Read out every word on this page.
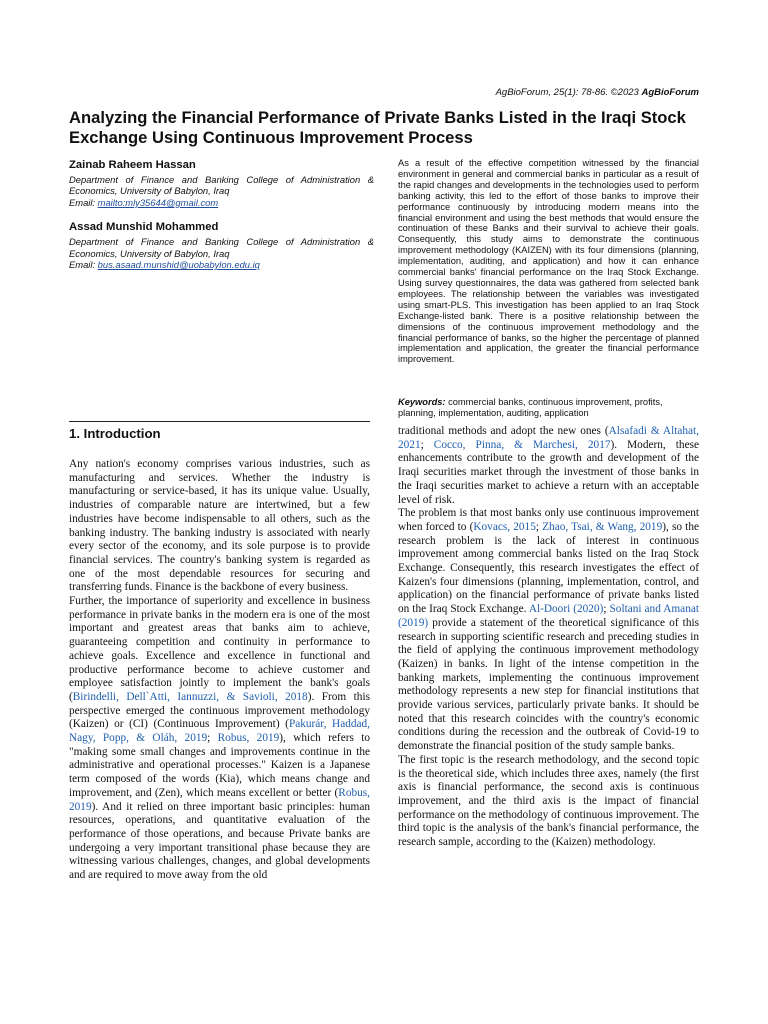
AgBioForum, 25(1): 78-86. ©2023 AgBioForum
Analyzing the Financial Performance of Private Banks Listed in the Iraqi Stock Exchange Using Continuous Improvement Process
Zainab Raheem Hassan
Department of Finance and Banking College of Administration & Economics, University of Babylon, Iraq
Email: mailto:mly35644@gmail.com
Assad Munshid Mohammed
Department of Finance and Banking College of Administration & Economics, University of Babylon, Iraq
Email: bus.asaad.munshid@uobabylon.edu.iq
As a result of the effective competition witnessed by the financial environment in general and commercial banks in particular as a result of the rapid changes and developments in the technologies used to perform banking activity, this led to the effort of those banks to improve their performance continuously by introducing modern means into the financial environment and using the best methods that would ensure the continuation of these Banks and their survival to achieve their goals. Consequently, this study aims to demonstrate the continuous improvement methodology (KAIZEN) with its four dimensions (planning, implementation, auditing, and application) and how it can enhance commercial banks' financial performance on the Iraq Stock Exchange. Using survey questionnaires, the data was gathered from selected bank employees. The relationship between the variables was investigated using smart-PLS. This investigation has been applied to an Iraq Stock Exchange-listed bank. There is a positive relationship between the dimensions of the continuous improvement methodology and the financial performance of banks, so the higher the percentage of planned implementation and application, the greater the financial performance improvement.
Keywords: commercial banks, continuous improvement, profits, planning, implementation, auditing, application
1. Introduction

Any nation's economy comprises various industries, such as manufacturing and services. Whether the industry is manufacturing or service-based, it has its unique value. Usually, industries of comparable nature are intertwined, but a few industries have become indispensable to all others, such as the banking industry. The banking industry is associated with nearly every sector of the economy, and its sole purpose is to provide financial services. The country's banking system is regarded as one of the most dependable resources for securing and transferring funds. Finance is the backbone of every business.

Further, the importance of superiority and excellence in business performance in private banks in the modern era is one of the most important and greatest areas that banks aim to achieve, guaranteeing competition and continuity in performance to achieve goals. Excellence and excellence in functional and productive performance become to achieve customer and employee satisfaction jointly to implement the bank's goals (Birindelli, Dell`Atti, Iannuzzi, & Savioli, 2018). From this perspective emerged the continuous improvement methodology (Kaizen) or (CI) (Continuous Improvement) (Pakurár, Haddad, Nagy, Popp, & Oláh, 2019; Robus, 2019), which refers to "making some small changes and improvements continue in the administrative and operational processes." Kaizen is a Japanese term composed of the words (Kia), which means change and improvement, and (Zen), which means excellent or better (Robus, 2019). And it relied on three important basic principles: human resources, operations, and quantitative evaluation of the performance of those operations, and because Private banks are undergoing a very important transitional phase because they are witnessing various challenges, changes, and global developments and are required to move away from the old

traditional methods and adopt the new ones (Alsafadi & Altahat, 2021; Cocco, Pinna, & Marchesi, 2017). Modern, these enhancements contribute to the growth and development of the Iraqi securities market through the investment of those banks in the Iraqi securities market to achieve a return with an acceptable level of risk.

The problem is that most banks only use continuous improvement when forced to (Kovacs, 2015; Zhao, Tsai, & Wang, 2019), so the research problem is the lack of interest in continuous improvement among commercial banks listed on the Iraq Stock Exchange. Consequently, this research investigates the effect of Kaizen's four dimensions (planning, implementation, control, and application) on the financial performance of private banks listed on the Iraq Stock Exchange. Al-Doori (2020); Soltani and Amanat (2019) provide a statement of the theoretical significance of this research in supporting scientific research and preceding studies in the field of applying the continuous improvement methodology (Kaizen) in banks. In light of the intense competition in the banking markets, implementing the continuous improvement methodology represents a new step for financial institutions that provide various services, particularly private banks. It should be noted that this research coincides with the country's economic conditions during the recession and the outbreak of Covid-19 to demonstrate the financial position of the study sample banks.

The first topic is the research methodology, and the second topic is the theoretical side, which includes three axes, namely (the first axis is financial performance, the second axis is continuous improvement, and the third axis is the impact of financial performance on the methodology of continuous improvement. The third topic is the analysis of the bank's financial performance, the research sample, according to the (Kaizen) methodology.
